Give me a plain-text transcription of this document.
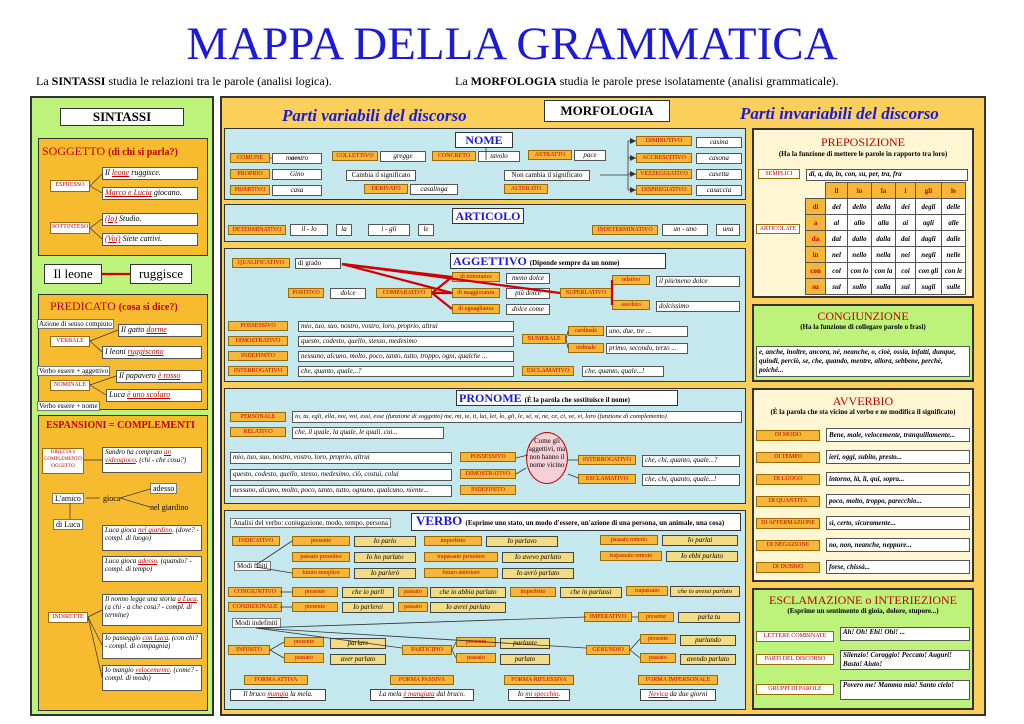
MAPPA DELLA GRAMMATICA
La SINTASSI studia le relazioni tra le parole (analisi logica).	La MORFOLOGIA studia le parole prese isolatamente (analisi grammaticale).
SINTASSI
SOGGETTO (di chi si parla?)
ESPRESSO
Il leone ruggisce.
Marco e Lucia giocano.
SOTTINTESO
(Io) Studio.
(Voi) Siete cattivi.
Il leone	ruggisce
PREDICATO (cosa si dice?)
Azione di senso compiuto
VERBALE
Il gatto dorme
I leoni ruggiscono
Verbo essere + aggettivo	Il papavero è rosso
NOMINALE
Luca è uno scolaro
Verbo essere + nome
ESPANSIONI = COMPLEMENTI
DIRETTA o COMPLEMENTO OGGETTO
Sandro ha comprato un videogioco. (chi - che cosa?)
L'amico	gioca
adesso
nel giardino
di Luca
Luca gioca nel giardino. (dove? - compl. di luogo)
Luca gioca adesso. (quando? - compl. di tempo)
INDIRETTE
Il nonno legge una storia a Luca. (a chi - a che cosa? - compl. di termine)
Io passeggio con Luca. (con chi? - compl. di compagnia)
Io mangio velocemente. (come? - compl. di modo)
Parti variabili del discorso	MORFOLOGIA	Parti invariabili del discorso
NOME
COMUNE	maestro
PROPRIO	Gino
PRIMITIVO	casa
COLLETTIVO	gregge
Cambia il significato
DERIVATO	casalinga
CONCRETO	tavolo
Non cambia il significato
ALTERATO
ASTRATTO	pace
DIMINUTIVO	casina
ACCRESCITIVO	casona
VEZZEGGIATIVO	casetta
DISPREGIATIVO	casaccia
ARTICOLO
DETERMINATIVO	il - lo	la	i - gli	le	INDETERMINATIVO	un - uno	una
AGGETTIVO (Dipende sempre da un nome)
QUALIFICATIVO	di grado
POSITIVO	dolce	COMPARATIVO
di minoranza	meno dolce
di maggioranza	più dolce
di uguaglianza	dolce come
SUPERLATIVO
relativo	il più/meno dolce
assoluto	dolcissimo
POSSESSIVO	mio, tuo, suo, nostro, vostro, loro, proprio, altrui
DIMOSTRATIVO	questo, codesto, quello, stesso, medesimo
INDEFINITO	nessuno, alcuno, molto, poco, tanto, tutto, troppo, ogni, qualche ...
INTERROGATIVO	che, quanto, quale...?
NUMERALE
cardinale	uno, due, tre ...
ordinale	primo, secondo, terzo ...
ESCLAMATIVO	che, quanto, quale...!
PRONOME (È la parola che sostituisce il nome)
PERSONALE	io, tu, egli, ella, noi, voi, essi, esse (funzione di soggetto) me, mi, te, ti, lui, lei, lo, gli, le, sé, si, ne, ce, ci, ve, vi, loro (funzione di complemento)
RELATIVO	che, il quale, la quale, le quali, cui...
mio, tuo, suo, nostro, vostro, loro, proprio, altrui
questo, codesto, quello, stesso, medesimo, ciò, costui, colui
nessuno, alcuno, molto, poco, tanto, tutto, ognuno, qualcuno, niente...
POSSESSIVO
DIMOSTRATIVO
INDEFINITO
Come gli aggettivi, ma non hanno il nome vicino
INTERROGATIVO	che, chi, quanto, quale...?
ESCLAMATIVO	che, chi, quanto, quale...!
Analisi del verbo: coniugazione, modo, tempo, persona	VERBO (Esprime uno stato, un modo d'essere, un'azione di una persona, un animale, una cosa)
INDICATIVO	presente	Io parlo	imperfetto	Io parlavo	passato remoto	Io parlai
passato prossimo	Io ho parlato	trapassato prossimo	Io avevo parlato	trapassato remoto	Io ebbi parlato
Modi finiti
futuro semplice	Io parlerò	futuro anteriore	Io avrò parlato
CONGIUNTIVO	presente	che io parli	passato	che io abbia parlato	imperfetto	che io parlassi	trapassato	che io avessi parlato
CONDIZIONALE	presente	Io parlerei	passato	Io avrei parlato
IMPERATIVO	presente	parla tu
Modi indefiniti
INFINITO
presente	parlare
passato	aver parlato
PARTICIPIO
presente	parlante
passato	parlato
GERUNDIO
presente	parlando
passato	avendo parlato
FORMA ATTIVA
Il bruco mangia la mela.
FORMA PASSIVA
La mela è mangiata dal bruco.
FORMA RIFLESSIVA
Io mi specchio.
FORMA IMPERSONALE
Nevica da due giorni
PREPOSIZIONE
(Ha la funzione di mettere le parole in rapporto tra loro)
SEMPLICI	di, a, da, in, con, su, per, tra, fra
ARTICOLATE
	il	lo	la	i	gli	le
di	del	dello	della	dei	degli	delle
a	al	allo	alla	ai	agli	alle
da	dal	dallo	dalla	dai	dagli	dalle
in	nel	nello	nella	nei	negli	nelle
con	col	con lo	con la	coi	con gli	con le
su	sul	sullo	sulla	sui	sugli	sulle
CONGIUNZIONE
(Ha la funzione di collegare parole o frasi)
e, anche, inoltre, ancora, né, neanche, o, cioè, ossia, infatti, dunque, quindi, perciò, se, che, quando, mentre, allora, sebbene, perché, poiché...
AVVERBIO
(È la parola che sta vicino al verbo e ne modifica il significato)
DI MODO	Bene, male, velocemente, tranquillamente...
DI TEMPO	ieri, oggi, subito, presto...
DI LUOGO	intorno, là, lì, qui, sopra...
DI QUANTITÀ	poco, molto, troppo, parecchio...
DI AFFERMAZIONE	sì, certo, sicuramente...
DI NEGAZIONE	no, non, neanche, neppure...
DI DUBBIO	forse, chissà...
ESCLAMAZIONE o INTERIEZIONE
(Esprime un sentimento di gioia, dolore, stupore...)
LETTERE COMBINATE	Ah! Oh! Ehi! Ohi! ...
PARTI DEL DISCORSO	Silenzio! Coraggio! Peccato! Auguri! Basta! Aiuto!
GRUPPI DI PAROLE	Povero me! Mamma mia! Santo cielo!
